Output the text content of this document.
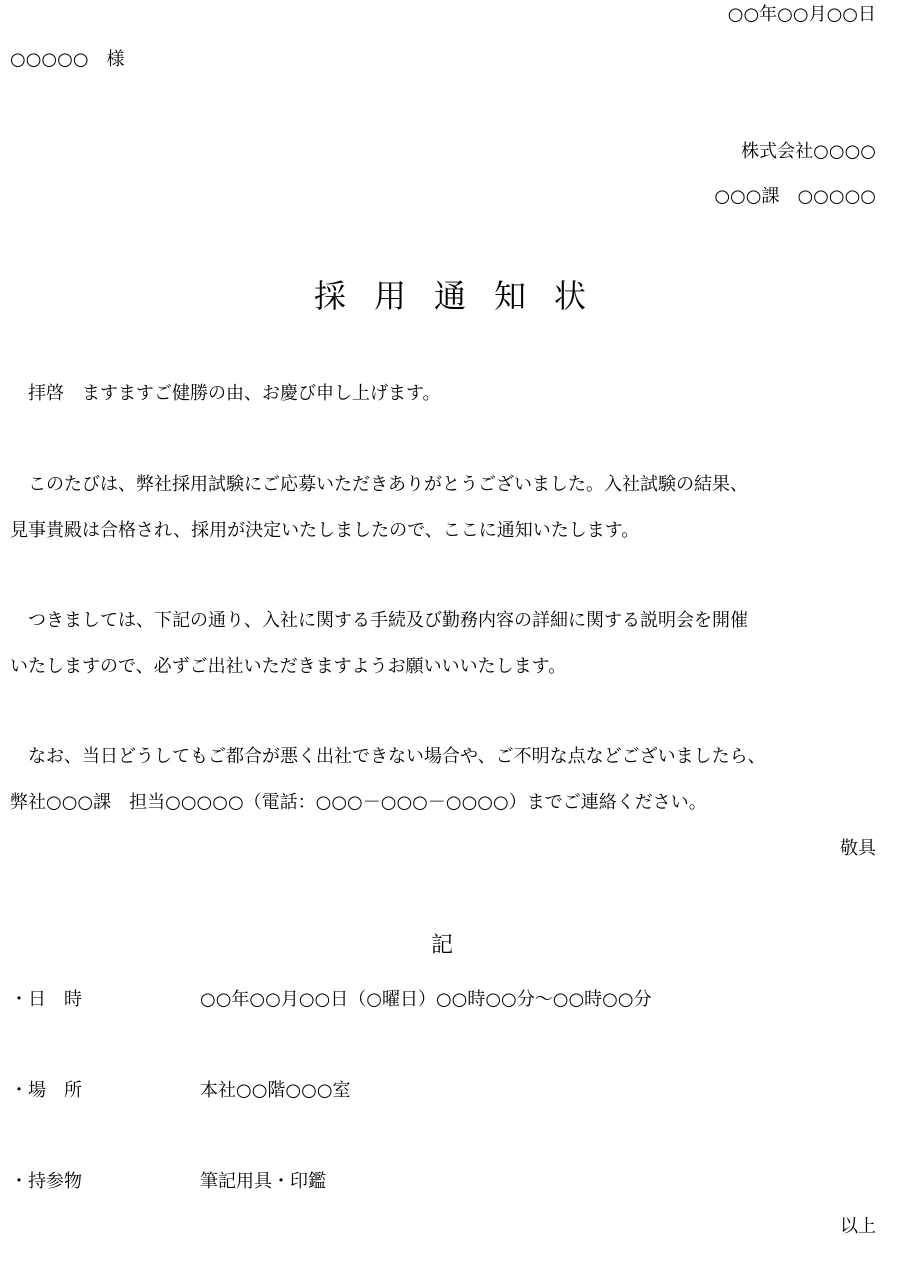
○○年○○月○○日

○○○○○　様

株式会社○○○○

○○○課　○○○○○

採用通知状

拝啓　ますますご健勝の由、お慶び申し上げます。

このたびは、弊社採用試験にご応募いただきありがとうございました。入社試験の結果、

見事貴殿は合格され、採用が決定いたしましたので、ここに通知いたします。

つきましては、下記の通り、入社に関する手続及び勤務内容の詳細に関する説明会を開催

いたしますので、必ずご出社いただきますようお願いいいたします。

なお、当日どうしてもご都合が悪く出社できない場合や、ご不明な点などございましたら、

弊社○○○課　担当○○○○○（電話：○○○－○○○－○○○○）までご連絡ください。

敬具

記

・日　時	○○年○○月○○日（○曜日）○○時○○分～○○時○○分

・場　所	本社○○階○○○室

・持参物	筆記用具・印鑑

以上
